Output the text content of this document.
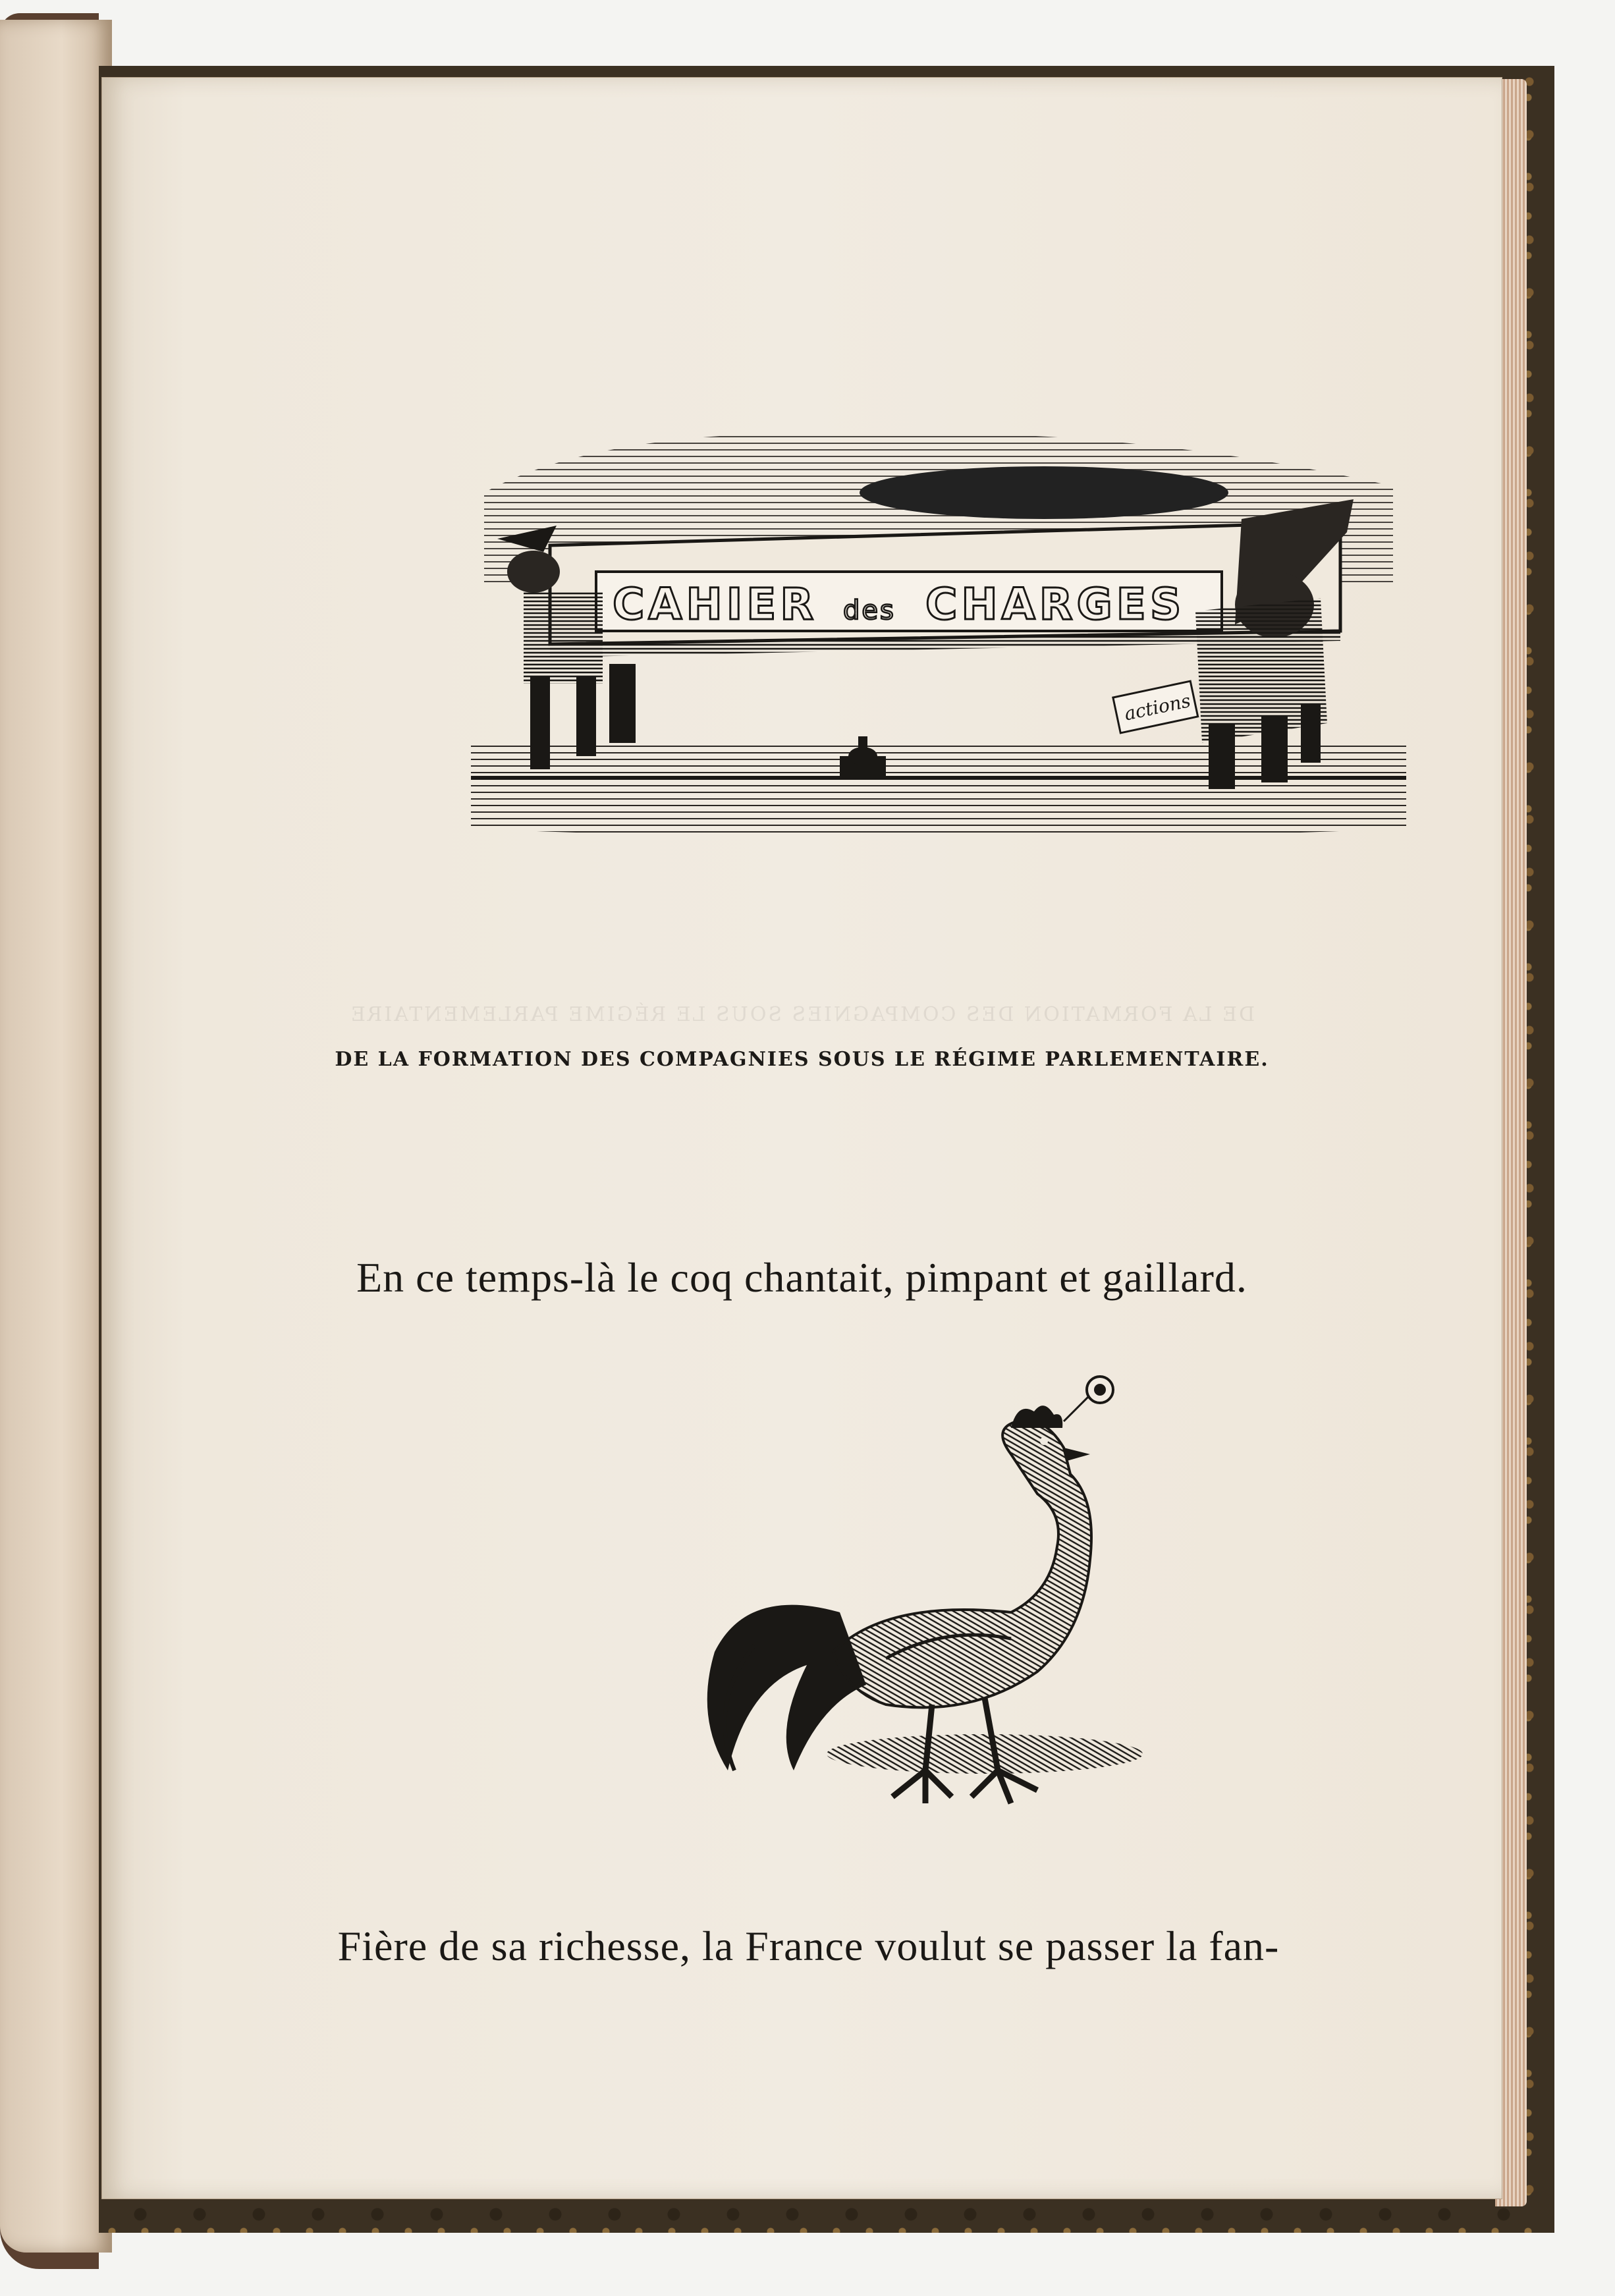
CAHIER des CHARGES
actions
DE LA FORMATION DES COMPAGNIES SOUS LE RÉGIME PARLEMENTAIRE
DE LA FORMATION DES COMPAGNIES SOUS LE RÉGIME PARLEMENTAIRE.
En ce temps-là le coq chantait, pimpant et gaillard.
Fière de sa richesse, la France voulut se passer la fan-
